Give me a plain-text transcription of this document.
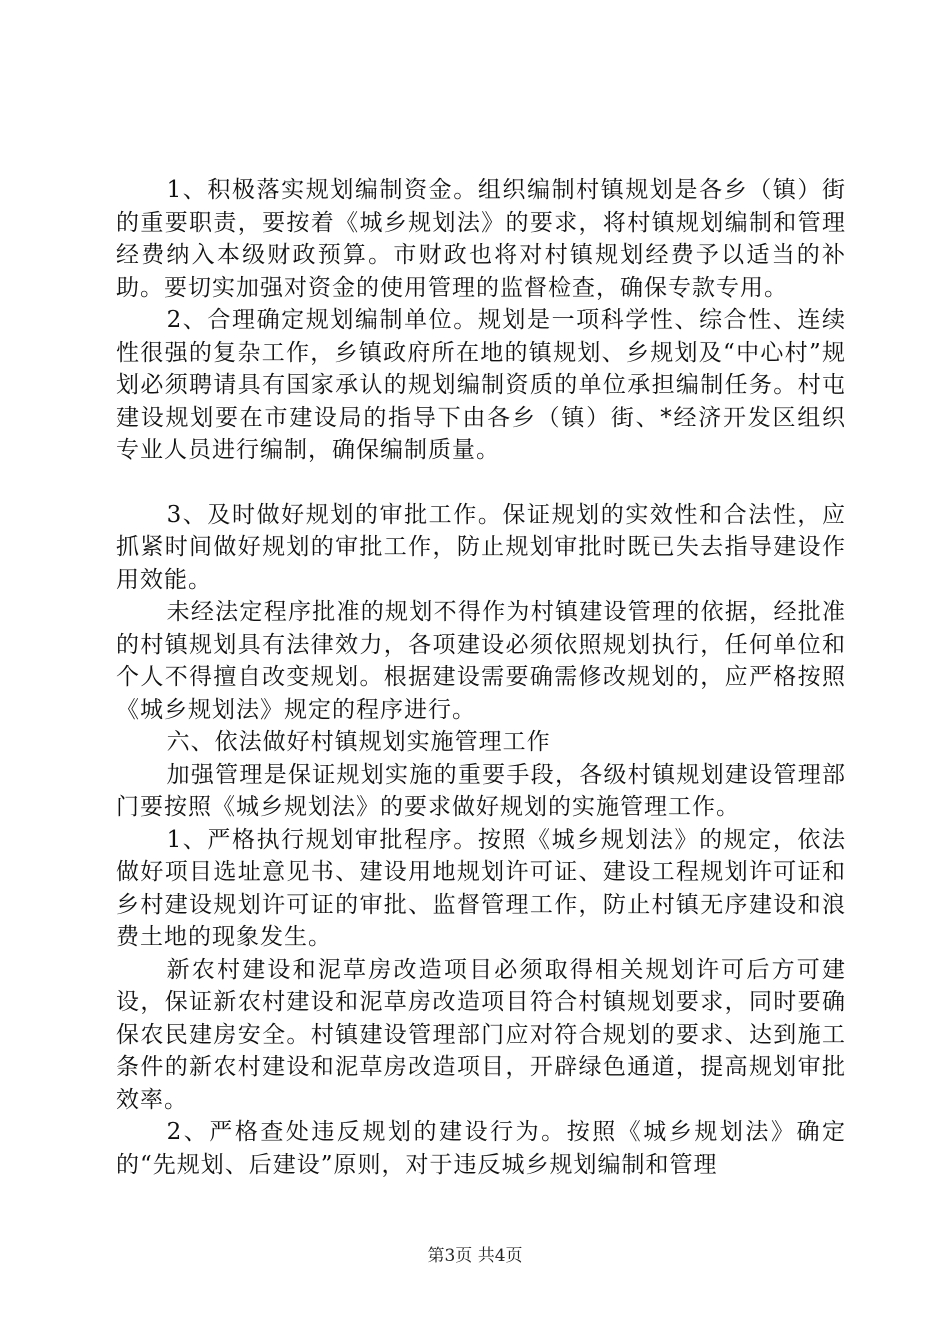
1、积极落实规划编制资金。组织编制村镇规划是各乡（镇）街的重要职责，要按着《城乡规划法》的要求，将村镇规划编制和管理经费纳入本级财政预算。市财政也将对村镇规划经费予以适当的补助。要切实加强对资金的使用管理的监督检查，确保专款专用。

2、合理确定规划编制单位。规划是一项科学性、综合性、连续性很强的复杂工作，乡镇政府所在地的镇规划、乡规划及“中心村”规划必须聘请具有国家承认的规划编制资质的单位承担编制任务。村屯建设规划要在市建设局的指导下由各乡（镇）街、*经济开发区组织专业人员进行编制，确保编制质量。

3、及时做好规划的审批工作。保证规划的实效性和合法性，应抓紧时间做好规划的审批工作，防止规划审批时既已失去指导建设作用效能。

未经法定程序批准的规划不得作为村镇建设管理的依据，经批准的村镇规划具有法律效力，各项建设必须依照规划执行，任何单位和个人不得擅自改变规划。根据建设需要确需修改规划的，应严格按照《城乡规划法》规定的程序进行。

六、依法做好村镇规划实施管理工作

加强管理是保证规划实施的重要手段，各级村镇规划建设管理部门要按照《城乡规划法》的要求做好规划的实施管理工作。

1、严格执行规划审批程序。按照《城乡规划法》的规定，依法做好项目选址意见书、建设用地规划许可证、建设工程规划许可证和乡村建设规划许可证的审批、监督管理工作，防止村镇无序建设和浪费土地的现象发生。

新农村建设和泥草房改造项目必须取得相关规划许可后方可建设，保证新农村建设和泥草房改造项目符合村镇规划要求，同时要确保农民建房安全。村镇建设管理部门应对符合规划的要求、达到施工条件的新农村建设和泥草房改造项目，开辟绿色通道，提高规划审批效率。

2、严格查处违反规划的建设行为。按照《城乡规划法》确定的“先规划、后建设”原则，对于违反城乡规划编制和管理

第3页 共4页
